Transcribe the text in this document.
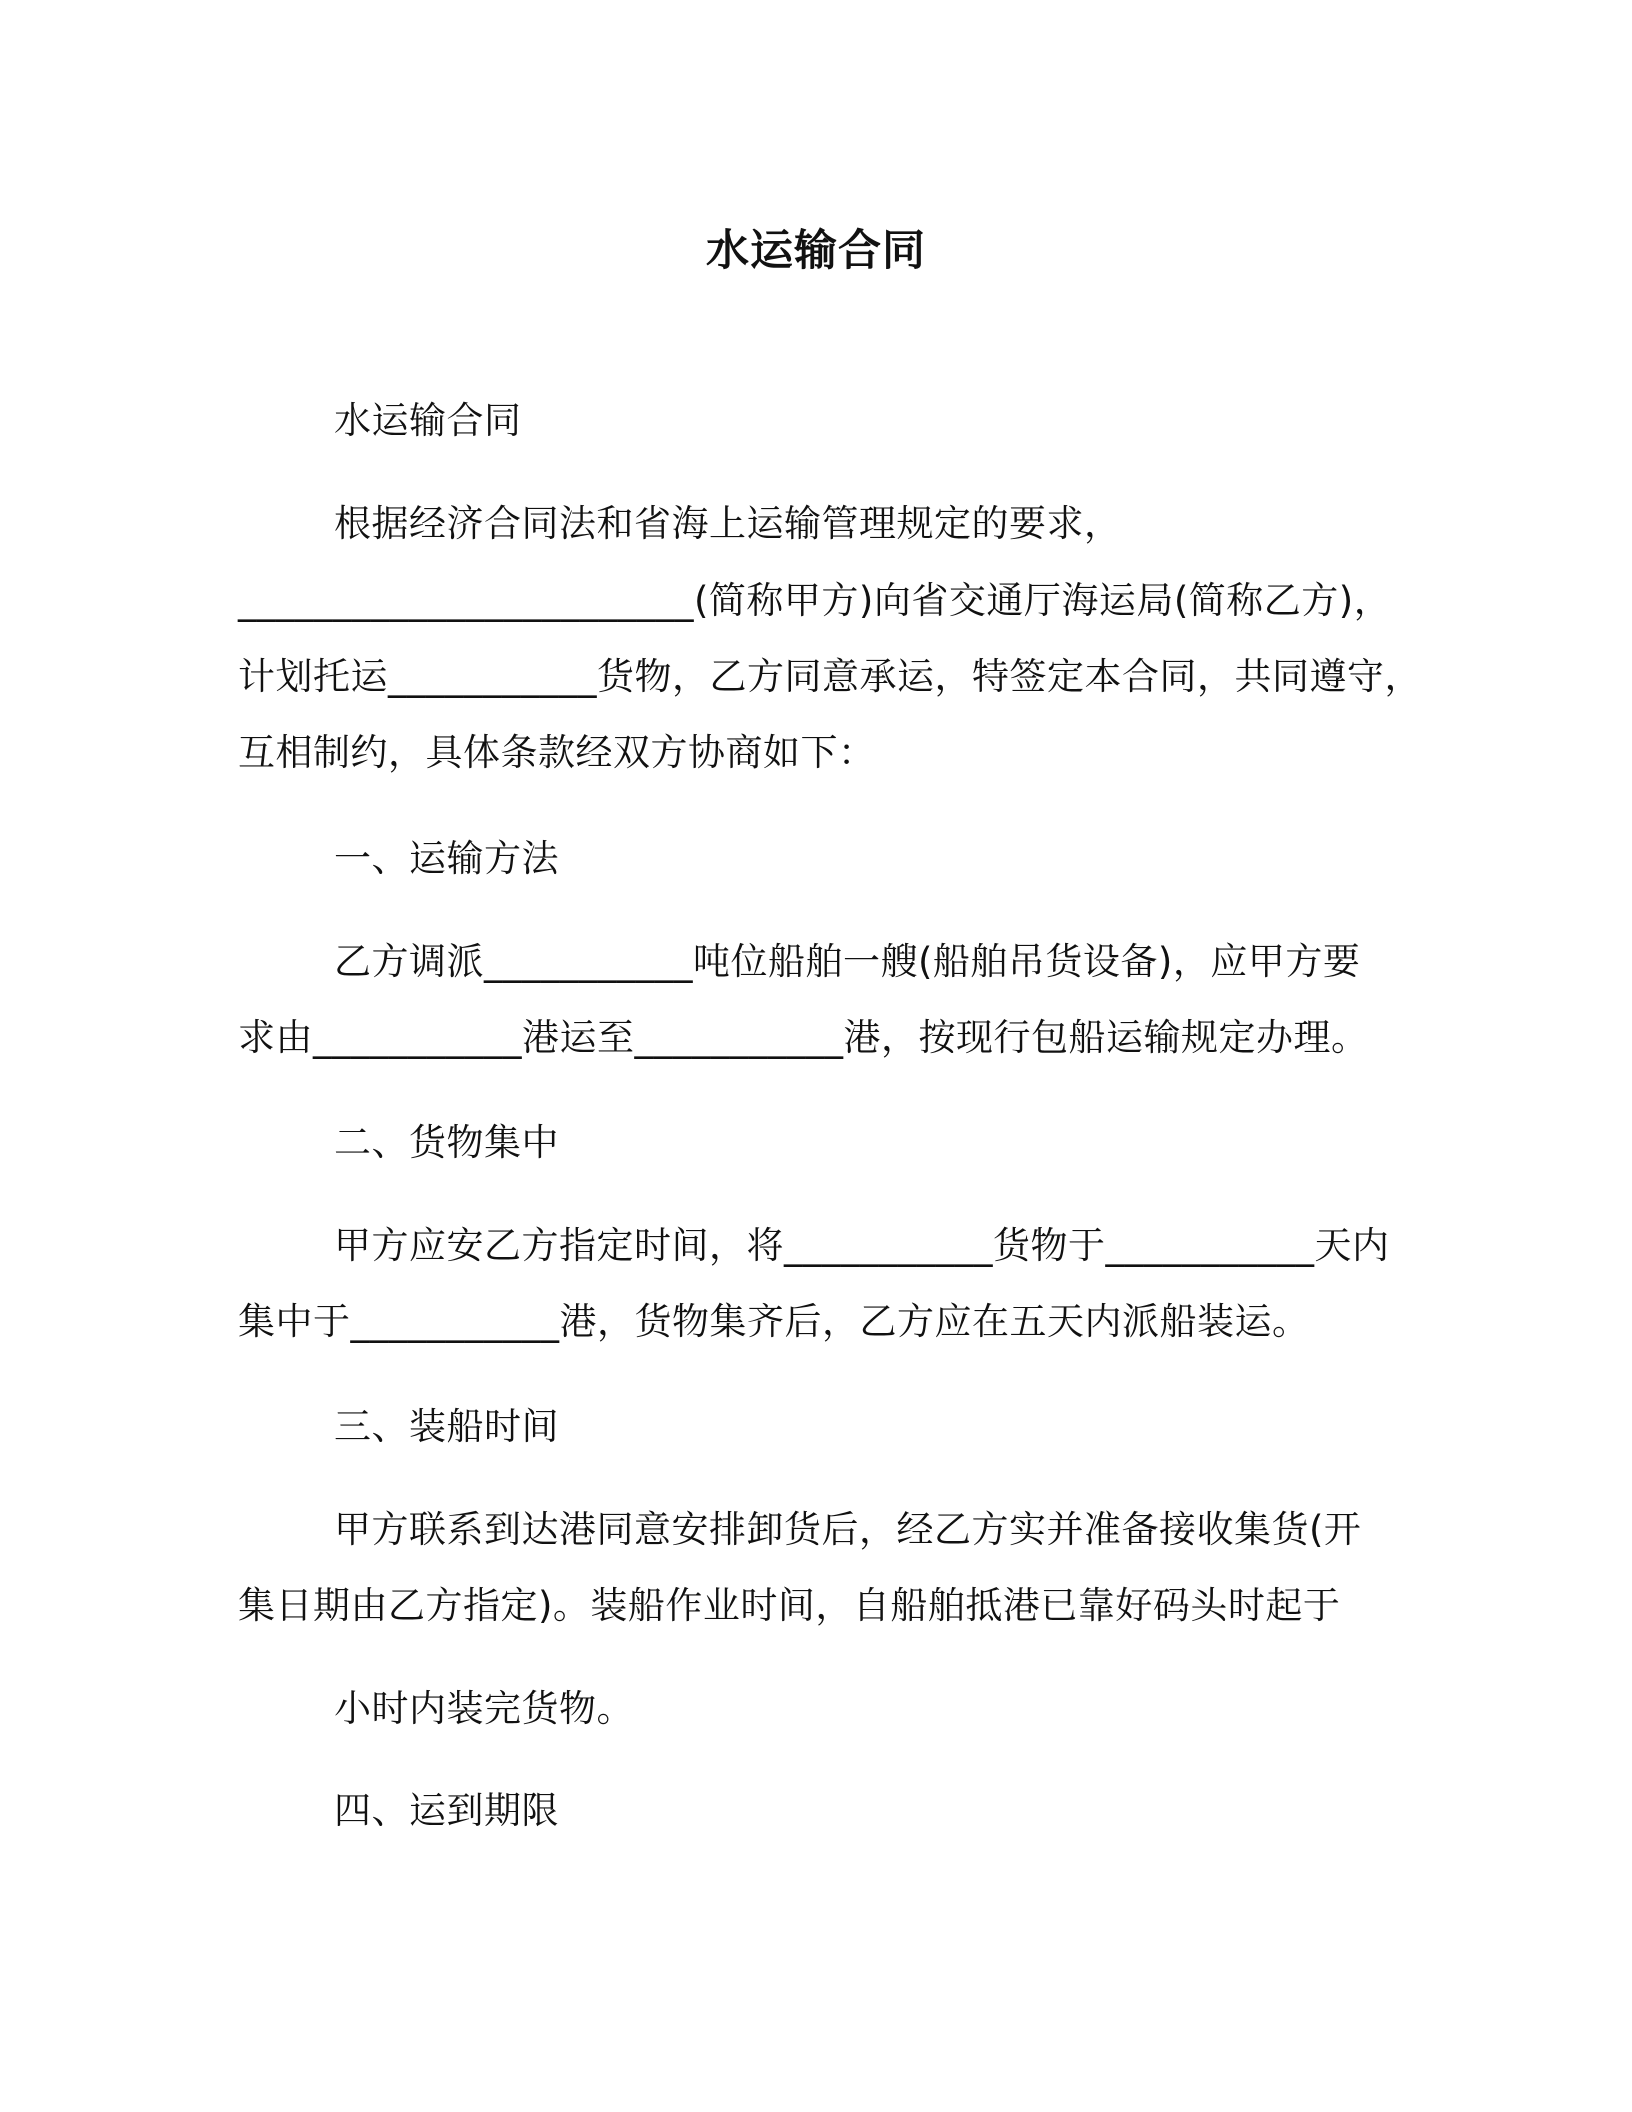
水运输合同
水运输合同
根据经济合同法和省海上运输管理规定的要求，
________________________(简称甲方)向省交通厅海运局(简称乙方)，
计划托运___________货物，乙方同意承运，特签定本合同，共同遵守，
互相制约，具体条款经双方协商如下：
一、运输方法
乙方调派___________吨位船舶一艘(船舶吊货设备)，应甲方要
求由___________港运至___________港，按现行包船运输规定办理。
二、货物集中
甲方应安乙方指定时间，将___________货物于___________天内
集中于___________港，货物集齐后，乙方应在五天内派船装运。
三、装船时间
甲方联系到达港同意安排卸货后，经乙方实并准备接收集货(开
集日期由乙方指定)。装船作业时间，自船舶抵港已靠好码头时起于
小时内装完货物。
四、运到期限
